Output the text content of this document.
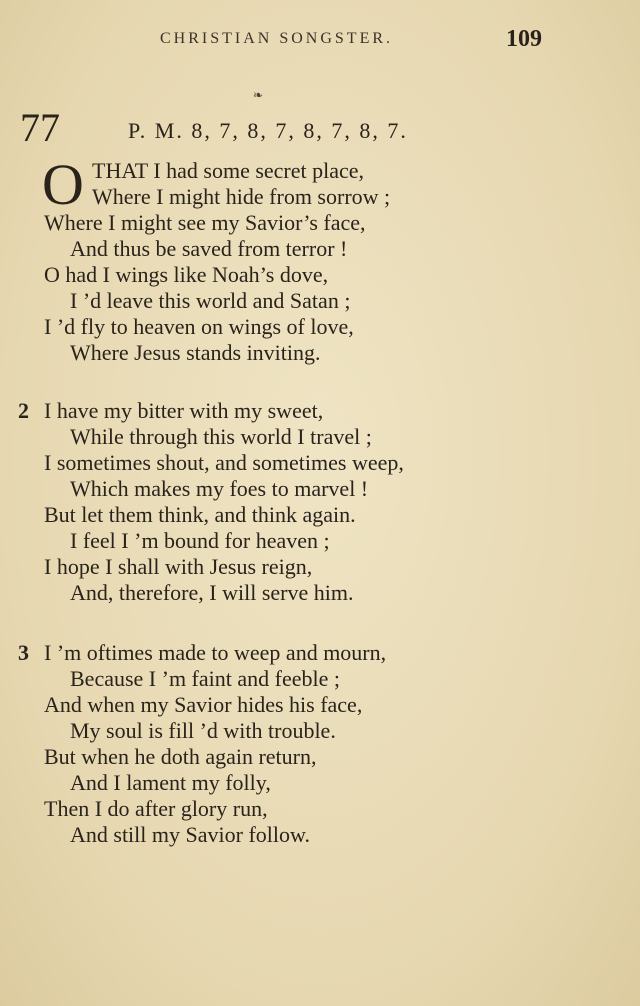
CHRISTIAN SONGSTER.	109
❧
77	P. M. 8, 7, 8, 7, 8, 7, 8, 7.
O THAT I had some secret place,
Where I might hide from sorrow ;
Where I might see my Savior’s face,
And thus be saved from terror !
O had I wings like Noah’s dove,
I ’d leave this world and Satan ;
I ’d fly to heaven on wings of love,
Where Jesus stands inviting.
2 I have my bitter with my sweet,
While through this world I travel ;
I sometimes shout, and sometimes weep,
Which makes my foes to marvel !
But let them think, and think again.
I feel I ’m bound for heaven ;
I hope I shall with Jesus reign,
And, therefore, I will serve him.
3 I ’m oftimes made to weep and mourn,
Because I ’m faint and feeble ;
And when my Savior hides his face,
My soul is fill ’d with trouble.
But when he doth again return,
And I lament my folly,
Then I do after glory run,
And still my Savior follow.
